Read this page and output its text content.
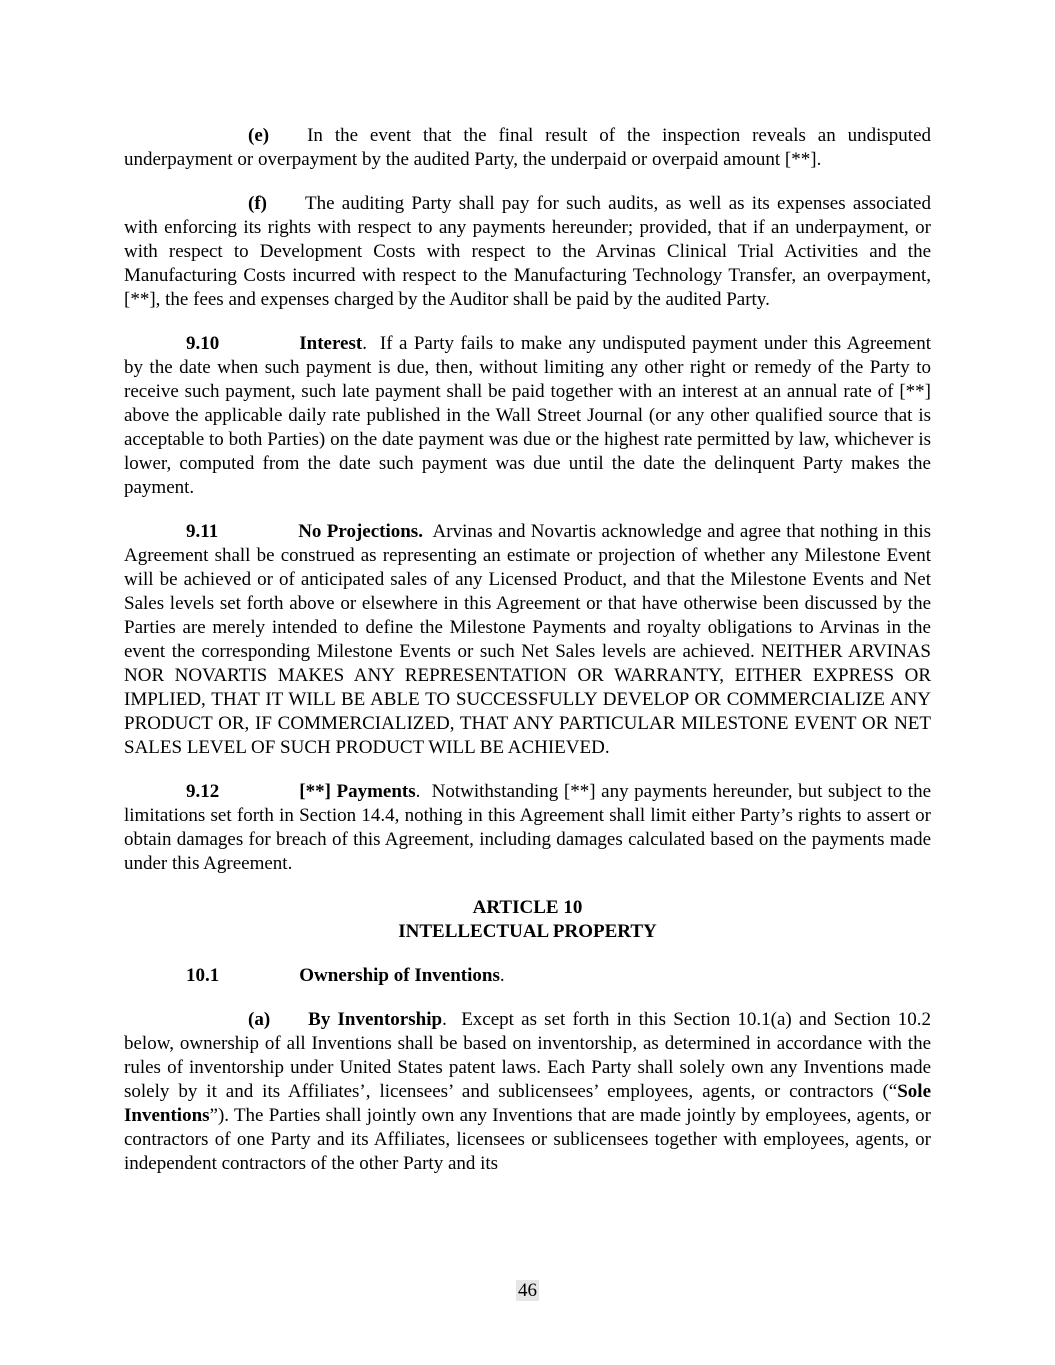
(e) In the event that the final result of the inspection reveals an undisputed underpayment or overpayment by the audited Party, the underpaid or overpaid amount [**].

(f) The auditing Party shall pay for such audits, as well as its expenses associated with enforcing its rights with respect to any payments hereunder; provided, that if an underpayment, or with respect to Development Costs with respect to the Arvinas Clinical Trial Activities and the Manufacturing Costs incurred with respect to the Manufacturing Technology Transfer, an overpayment, [**], the fees and expenses charged by the Auditor shall be paid by the audited Party.

9.10	Interest. If a Party fails to make any undisputed payment under this Agreement by the date when such payment is due, then, without limiting any other right or remedy of the Party to receive such payment, such late payment shall be paid together with an interest at an annual rate of [**] above the applicable daily rate published in the Wall Street Journal (or any other qualified source that is acceptable to both Parties) on the date payment was due or the highest rate permitted by law, whichever is lower, computed from the date such payment was due until the date the delinquent Party makes the payment.

9.11	No Projections. Arvinas and Novartis acknowledge and agree that nothing in this Agreement shall be construed as representing an estimate or projection of whether any Milestone Event will be achieved or of anticipated sales of any Licensed Product, and that the Milestone Events and Net Sales levels set forth above or elsewhere in this Agreement or that have otherwise been discussed by the Parties are merely intended to define the Milestone Payments and royalty obligations to Arvinas in the event the corresponding Milestone Events or such Net Sales levels are achieved. NEITHER ARVINAS NOR NOVARTIS MAKES ANY REPRESENTATION OR WARRANTY, EITHER EXPRESS OR IMPLIED, THAT IT WILL BE ABLE TO SUCCESSFULLY DEVELOP OR COMMERCIALIZE ANY PRODUCT OR, IF COMMERCIALIZED, THAT ANY PARTICULAR MILESTONE EVENT OR NET SALES LEVEL OF SUCH PRODUCT WILL BE ACHIEVED.

9.12	[**] Payments. Notwithstanding [**] any payments hereunder, but subject to the limitations set forth in Section 14.4, nothing in this Agreement shall limit either Party’s rights to assert or obtain damages for breach of this Agreement, including damages calculated based on the payments made under this Agreement.

ARTICLE 10
INTELLECTUAL PROPERTY

10.1	Ownership of Inventions.

(a) By Inventorship. Except as set forth in this Section 10.1(a) and Section 10.2 below, ownership of all Inventions shall be based on inventorship, as determined in accordance with the rules of inventorship under United States patent laws. Each Party shall solely own any Inventions made solely by it and its Affiliates’, licensees’ and sublicensees’ employees, agents, or contractors (“Sole Inventions”). The Parties shall jointly own any Inventions that are made jointly by employees, agents, or contractors of one Party and its Affiliates, licensees or sublicensees together with employees, agents, or independent contractors of the other Party and its

46
